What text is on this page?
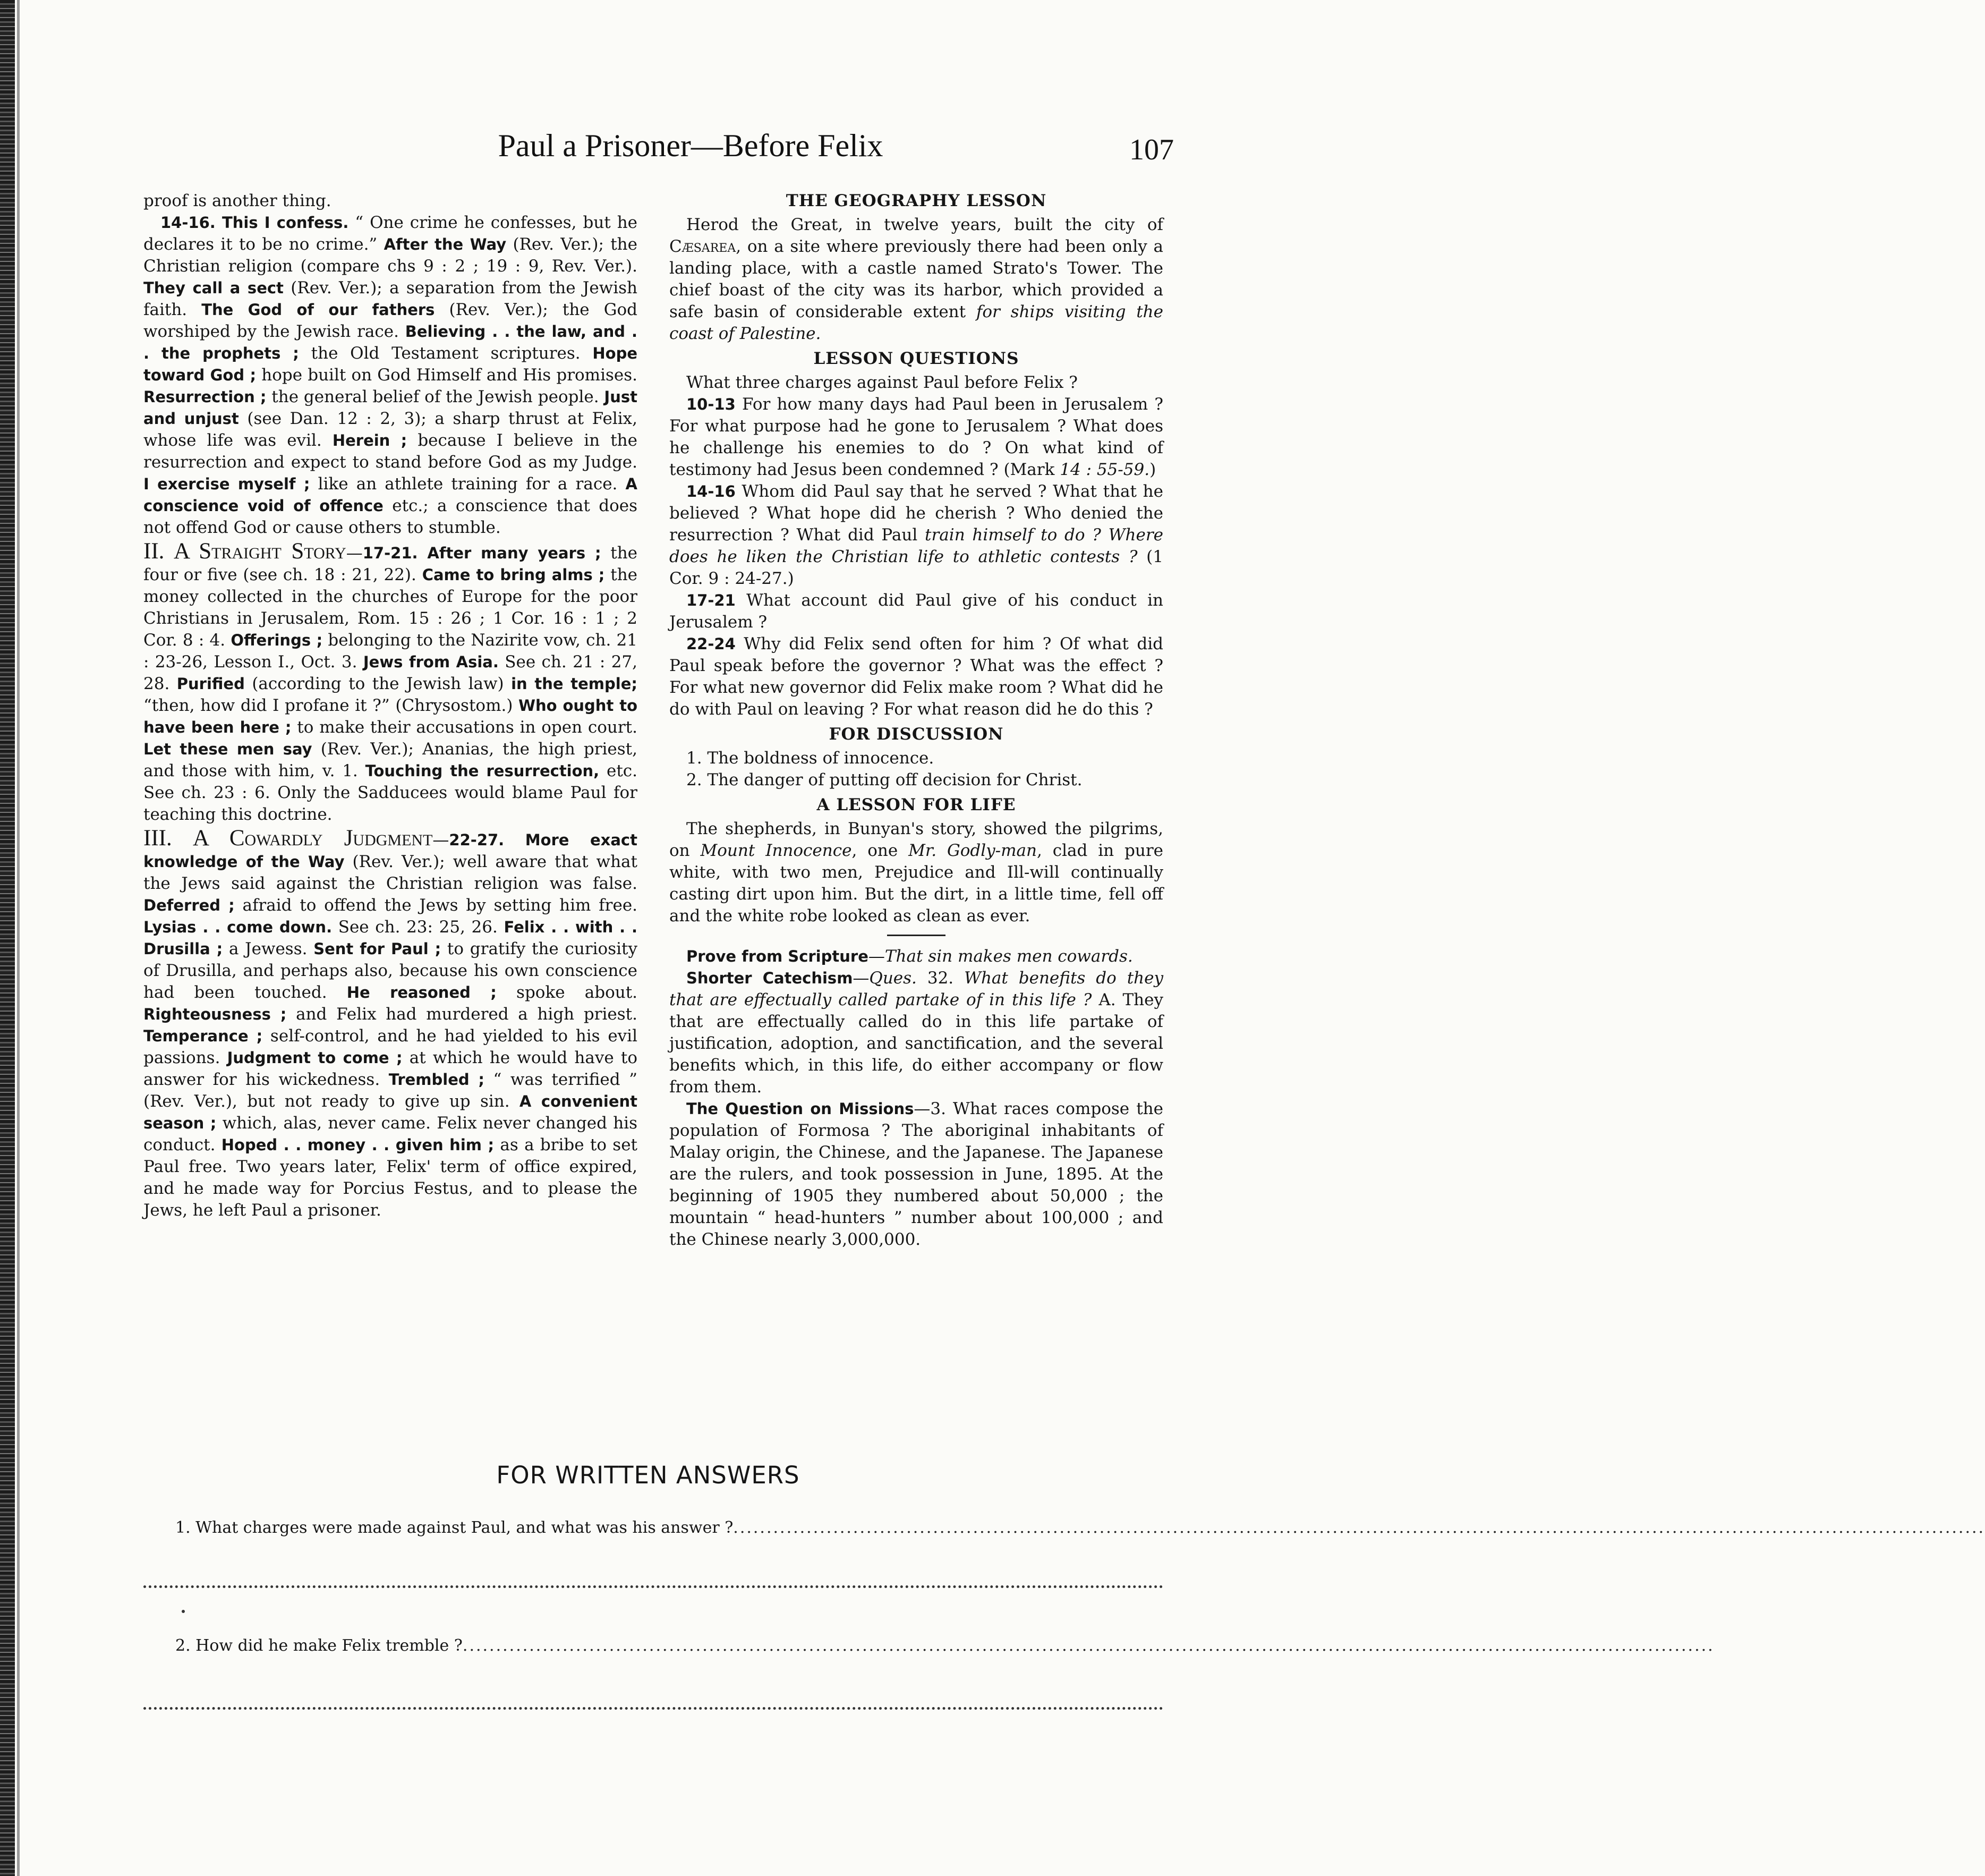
Paul a Prisoner—Before Felix	107

proof is another thing.

14-16. This I confess. “ One crime he confesses, but he declares it to be no crime.” After the Way (Rev. Ver.); the Christian religion (compare chs 9 : 2 ; 19 : 9, Rev. Ver.). They call a sect (Rev. Ver.); a separation from the Jewish faith. The God of our fathers (Rev. Ver.); the God worshiped by the Jewish race. Believing . . the law, and . . the prophets ; the Old Testament scriptures. Hope toward God ; hope built on God Himself and His promises. Resurrection ; the general belief of the Jewish people. Just and unjust (see Dan. 12 : 2, 3); a sharp thrust at Felix, whose life was evil. Herein ; because I believe in the resurrection and expect to stand before God as my Judge. I exercise myself ; like an athlete training for a race. A conscience void of offence etc.; a conscience that does not offend God or cause others to stumble.

II. A Straight Story—17-21. After many years ; the four or five (see ch. 18 : 21, 22). Came to bring alms ; the money collected in the churches of Europe for the poor Christians in Jerusalem, Rom. 15 : 26 ; 1 Cor. 16 : 1 ; 2 Cor. 8 : 4. Offerings ; belonging to the Nazirite vow, ch. 21 : 23-26, Lesson I., Oct. 3. Jews from Asia. See ch. 21 : 27, 28. Purified (according to the Jewish law) in the temple; “then, how did I profane it ?” (Chrysostom.) Who ought to have been here ; to make their accusations in open court. Let these men say (Rev. Ver.); Ananias, the high priest, and those with him, v. 1. Touching the resurrection, etc. See ch. 23 : 6. Only the Sadducees would blame Paul for teaching this doctrine.

III. A Cowardly Judgment—22-27. More exact knowledge of the Way (Rev. Ver.); well aware that what the Jews said against the Christian religion was false. Deferred ; afraid to offend the Jews by setting him free. Lysias . . come down. See ch. 23: 25, 26. Felix . . with . . Drusilla ; a Jewess. Sent for Paul ; to gratify the curiosity of Drusilla, and perhaps also, because his own conscience had been touched. He reasoned ; spoke about. Righteousness ; and Felix had murdered a high priest. Temperance ; self-control, and he had yielded to his evil passions. Judgment to come ; at which he would have to answer for his wickedness. Trembled ; “ was terrified ” (Rev. Ver.), but not ready to give up sin. A convenient season ; which, alas, never came. Felix never changed his conduct. Hoped . . money . . given him ; as a bribe to set Paul free. Two years later, Felix' term of office expired, and he made way for Porcius Festus, and to please the Jews, he left Paul a prisoner.

THE GEOGRAPHY LESSON

Herod the Great, in twelve years, built the city of Cæsarea, on a site where previously there had been only a landing place, with a castle named Strato's Tower. The chief boast of the city was its harbor, which provided a safe basin of considerable extent for ships visiting the coast of Palestine.

LESSON QUESTIONS

What three charges against Paul before Felix ?

10-13 For how many days had Paul been in Jerusalem ? For what purpose had he gone to Jerusalem ? What does he challenge his enemies to do ? On what kind of testimony had Jesus been condemned ? (Mark 14 : 55-59.)

14-16 Whom did Paul say that he served ? What that he believed ? What hope did he cherish ? Who denied the resurrection ? What did Paul train himself to do ? Where does he liken the Christian life to athletic contests ? (1 Cor. 9 : 24-27.)

17-21 What account did Paul give of his conduct in Jerusalem ?

22-24 Why did Felix send often for him ? Of what did Paul speak before the governor ? What was the effect ? For what new governor did Felix make room ? What did he do with Paul on leaving ? For what reason did he do this ?

FOR DISCUSSION

1. The boldness of innocence.

2. The danger of putting off decision for Christ.

A LESSON FOR LIFE

The shepherds, in Bunyan's story, showed the pilgrims, on Mount Innocence, one Mr. Godly-man, clad in pure white, with two men, Prejudice and Ill-will continually casting dirt upon him. But the dirt, in a little time, fell off and the white robe looked as clean as ever.

Prove from Scripture—That sin makes men cowards.

Shorter Catechism—Ques. 32. What benefits do they that are effectually called partake of in this life ? A. They that are effectually called do in this life partake of justification, adoption, and sanctification, and the several benefits which, in this life, do either accompany or flow from them.

The Question on Missions—3. What races compose the population of Formosa ? The aboriginal inhabitants of Malay origin, the Chinese, and the Japanese. The Japanese are the rulers, and took possession in June, 1895. At the beginning of 1905 they numbered about 50,000 ; the mountain “ head-hunters ” number about 100,000 ; and the Chinese nearly 3,000,000.

FOR WRITTEN ANSWERS
1. What charges were made against Paul, and what was his answer ?............................................................................................................................................................................................
2. How did he make Felix tremble ?............................................................................................................................................................................................
